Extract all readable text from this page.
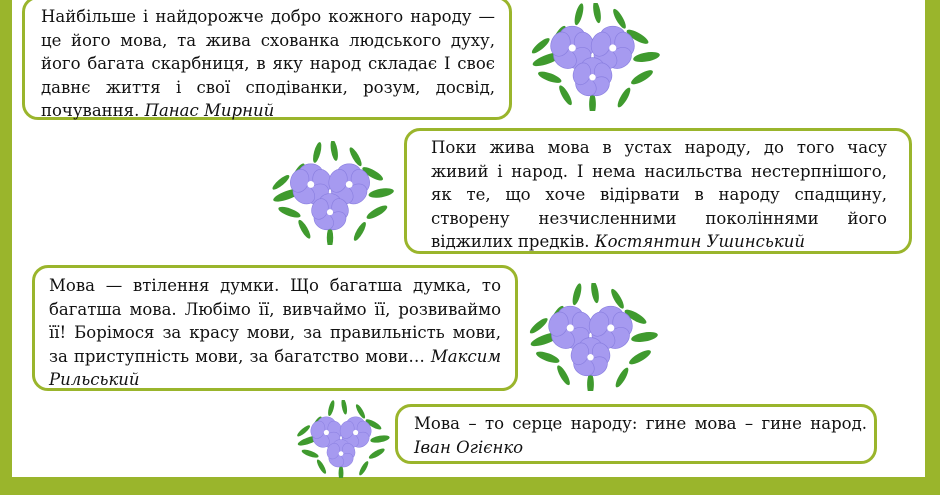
Найбільше і найдорожче добро кожного народу — це його мова, та жива схованка людського духу, його багата скарбниця, в яку народ складає І своє давнє життя і свої сподіванки, розум, досвід, почування. Панас Мирний
Поки жива мова в устах народу, до того часу живий і народ. І нема насильства нестерпнішого, як те, що хоче відірвати в народу спадщину, створену незчисленними поколіннями його віджилих предків. Костянтин Ушинський
Мова — втілення думки. Що багатша думка, то багатша мова. Любімо її, вивчаймо її, розвиваймо її! Борімося за красу мови, за правильність мови, за приступність мови, за багатство мови… Максим Рильський
Мова – то серце народу: гине мова – гине народ. Іван Огієнко
